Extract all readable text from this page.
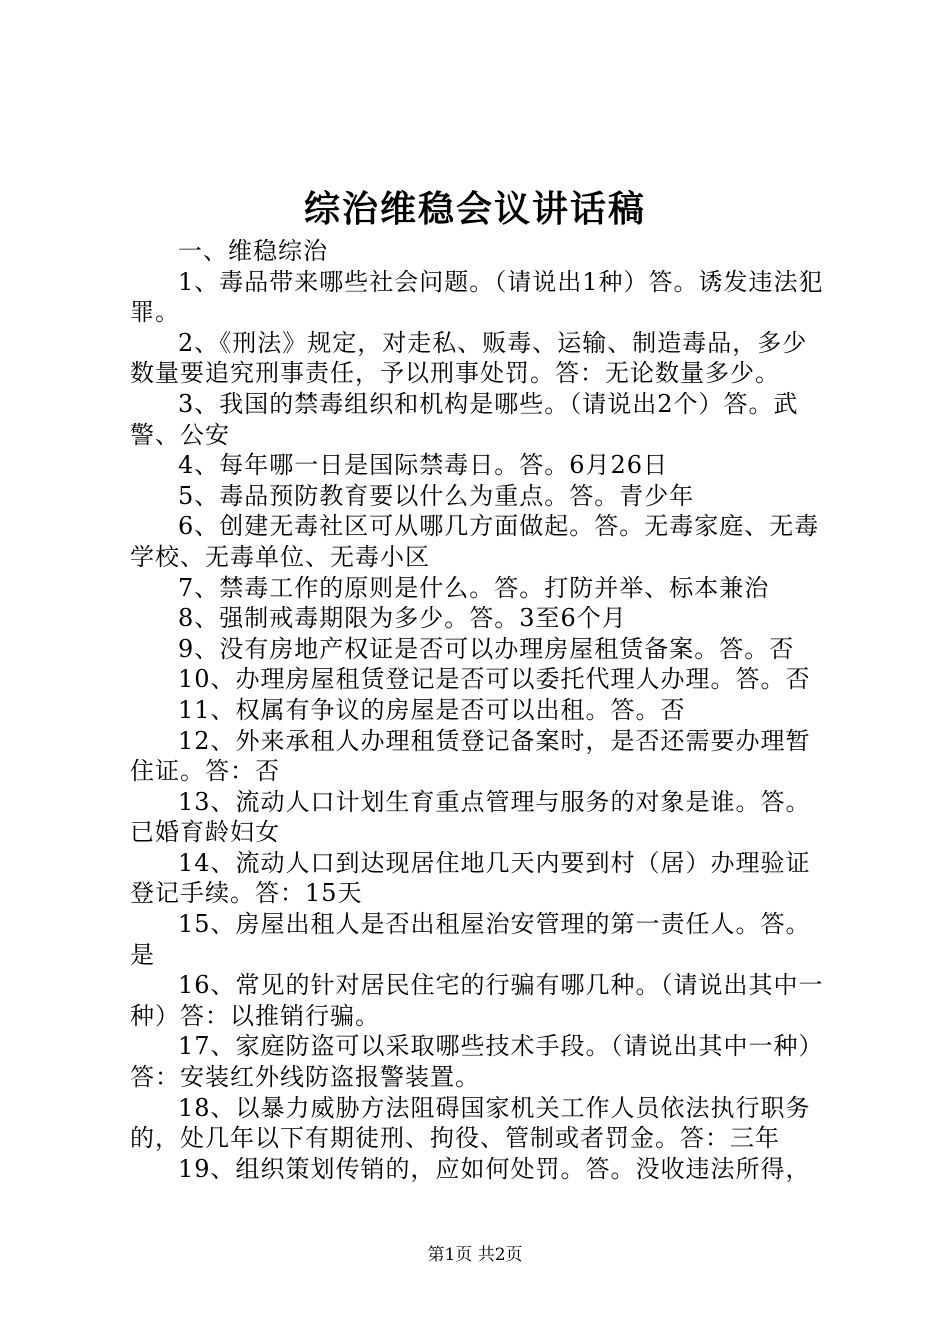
综治维稳会议讲话稿

一、维稳综治

1、毒品带来哪些社会问题。（请说出1种）答。诱发违法犯罪。

2、《刑法》规定，对走私、贩毒、运输、制造毒品，多少数量要追究刑事责任，予以刑事处罚。答：无论数量多少。

3、我国的禁毒组织和机构是哪些。（请说出2个）答。武警、公安

4、每年哪一日是国际禁毒日。答。6月26日

5、毒品预防教育要以什么为重点。答。青少年

6、创建无毒社区可从哪几方面做起。答。无毒家庭、无毒学校、无毒单位、无毒小区

7、禁毒工作的原则是什么。答。打防并举、标本兼治

8、强制戒毒期限为多少。答。3至6个月

9、没有房地产权证是否可以办理房屋租赁备案。答。否

10、办理房屋租赁登记是否可以委托代理人办理。答。否

11、权属有争议的房屋是否可以出租。答。否

12、外来承租人办理租赁登记备案时，是否还需要办理暂住证。答：否

13、流动人口计划生育重点管理与服务的对象是谁。答。已婚育龄妇女

14、流动人口到达现居住地几天内要到村（居）办理验证登记手续。答：15天

15、房屋出租人是否出租屋治安管理的第一责任人。答。是

16、常见的针对居民住宅的行骗有哪几种。（请说出其中一种）答：以推销行骗。

17、家庭防盗可以采取哪些技术手段。（请说出其中一种）答：安装红外线防盗报警装置。

18、以暴力威胁方法阻碍国家机关工作人员依法执行职务的，处几年以下有期徒刑、拘役、管制或者罚金。答：三年

19、组织策划传销的，应如何处罚。答。没收违法所得，

第1页 共2页
